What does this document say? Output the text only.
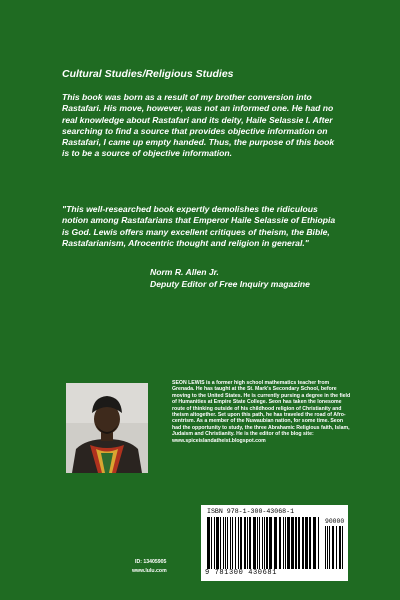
Cultural Studies/Religious Studies
This book was born as a result of my brother conversion into Rastafari. His move, however, was not an informed one. He had no real knowledge about Rastafari and its deity, Haile Selassie I. After searching to find a source that provides objective information on Rastafari, I came up empty handed. Thus, the purpose of this book is to be a source of objective information.
"This well-researched book expertly demolishes the ridiculous notion among Rastafarians that Emperor Haile Selassie of Ethiopia is God. Lewis offers many excellent critiques of theism, the Bible, Rastafarianism, Afrocentric thought and religion in general."
Norm R. Allen Jr.
Deputy Editor of Free Inquiry magazine
SEON LEWIS is a former high school mathematics teacher from Grenada. He has taught at the St. Mark's Secondary School, before moving to the United States. He is currently pursing a degree in the field of Humanities at Empire State College. Seon has taken the lonesome route of thinking outside of his childhood religion of Christianity and theism altogether. Set upon this path, he has traveled the road of Afro-centrism. As a member of the Nuwaubian nation, for some time. Seon had the opportunity to study, the three Abrahamic Religious faith, Islam, Judaism and Christianity. He is the editor of the blog site: www.spiceislandatheist.blogspot.com
ID: 13405905
www.lulu.com
ISBN 978-1-300-43068-1
90000
9 781300 430681
